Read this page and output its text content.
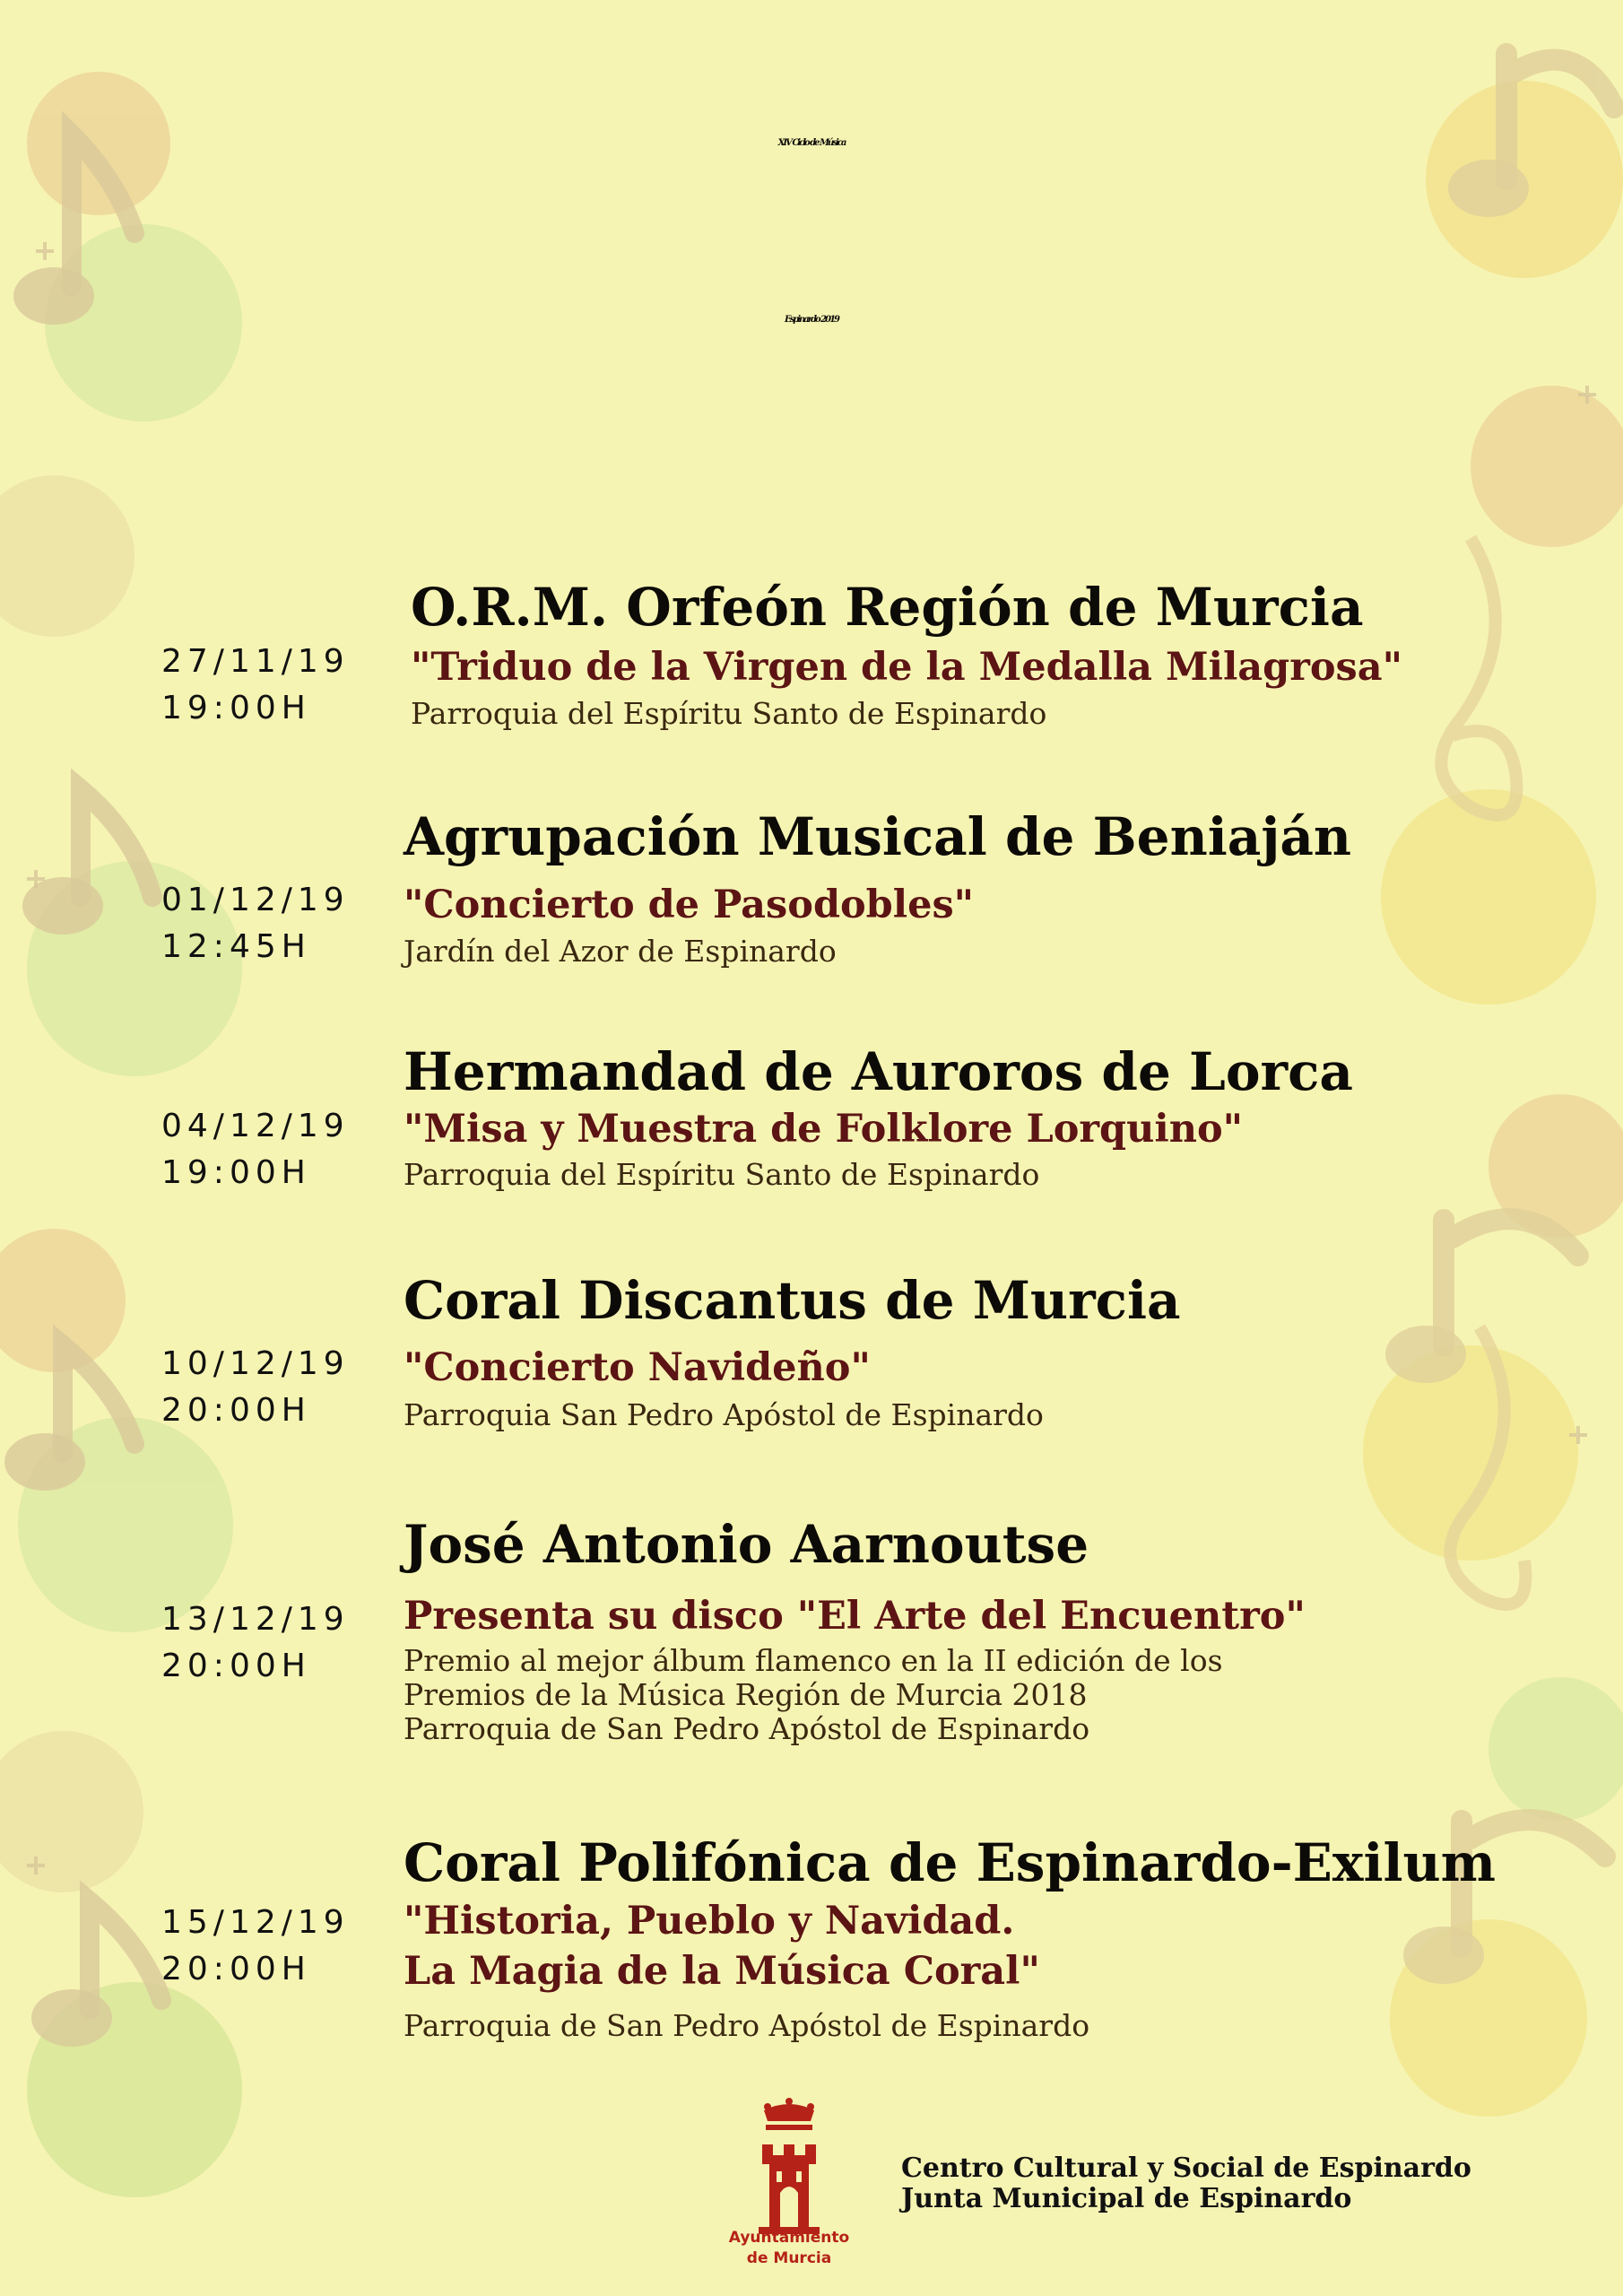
XIV Ciclo de Música
Espinardo 2019
27/11/19
19:00H
O.R.M. Orfeón Región de Murcia
"Triduo de la Virgen de la Medalla Milagrosa"
Parroquia del Espíritu Santo de Espinardo
01/12/19
12:45H
Agrupación Musical de Beniaján
"Concierto de Pasodobles"
Jardín del Azor de Espinardo
04/12/19
19:00H
Hermandad de Auroros de Lorca
"Misa y Muestra de Folklore Lorquino"
Parroquia del Espíritu Santo de Espinardo
10/12/19
20:00H
Coral Discantus de Murcia
"Concierto Navideño"
Parroquia San Pedro Apóstol de Espinardo
13/12/19
20:00H
José Antonio Aarnoutse
Presenta su disco "El Arte del Encuentro"
Premio al mejor álbum flamenco en la II edición de los
Premios de la Música Región de Murcia 2018
Parroquia de San Pedro Apóstol de Espinardo
15/12/19
20:00H
Coral Polifónica de Espinardo-Exilum
"Historia, Pueblo y Navidad.
La Magia de la Música Coral"
Parroquia de San Pedro Apóstol de Espinardo
Ayuntamiento
de Murcia
Centro Cultural y Social de Espinardo
Junta Municipal de Espinardo
